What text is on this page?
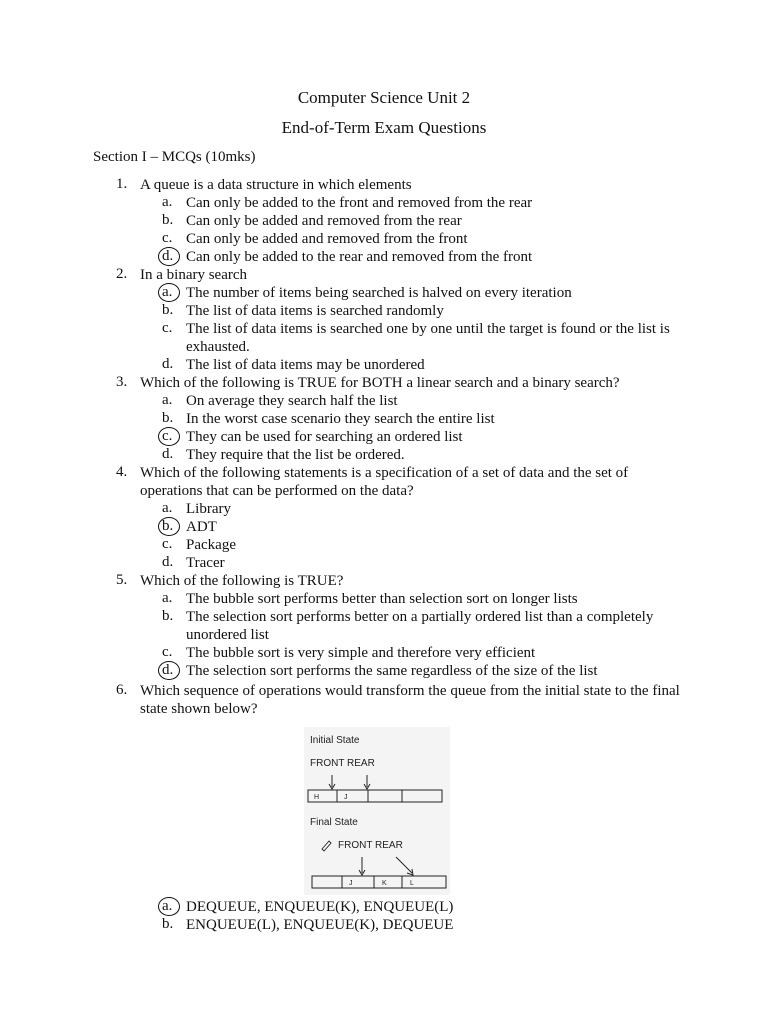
Computer Science Unit 2
End-of-Term Exam Questions
Section I – MCQs (10mks)
1. A queue is a data structure in which elements
a. Can only be added to the front and removed from the rear
b. Can only be added and removed from the rear
c. Can only be added and removed from the front
d. Can only be added to the rear and removed from the front
2. In a binary search
a. The number of items being searched is halved on every iteration
b. The list of data items is searched randomly
c. The list of data items is searched one by one until the target is found or the list is exhausted.
d. The list of data items may be unordered
3. Which of the following is TRUE for BOTH a linear search and a binary search?
a. On average they search half the list
b. In the worst case scenario they search the entire list
c. They can be used for searching an ordered list
d. They require that the list be ordered.
4. Which of the following statements is a specification of a set of data and the set of operations that can be performed on the data?
a. Library
b. ADT
c. Package
d. Tracer
5. Which of the following is TRUE?
a. The bubble sort performs better than selection sort on longer lists
b. The selection sort performs better on a partially ordered list than a completely unordered list
c. The bubble sort is very simple and therefore very efficient
d. The selection sort performs the same regardless of the size of the list
6. Which sequence of operations would transform the queue from the initial state to the final state shown below?
Initial State
FRONT REAR
H	J
Final State
FRONT REAR
J	K	L
a. DEQUEUE, ENQUEUE(K), ENQUEUE(L)
b. ENQUEUE(L), ENQUEUE(K), DEQUEUE
